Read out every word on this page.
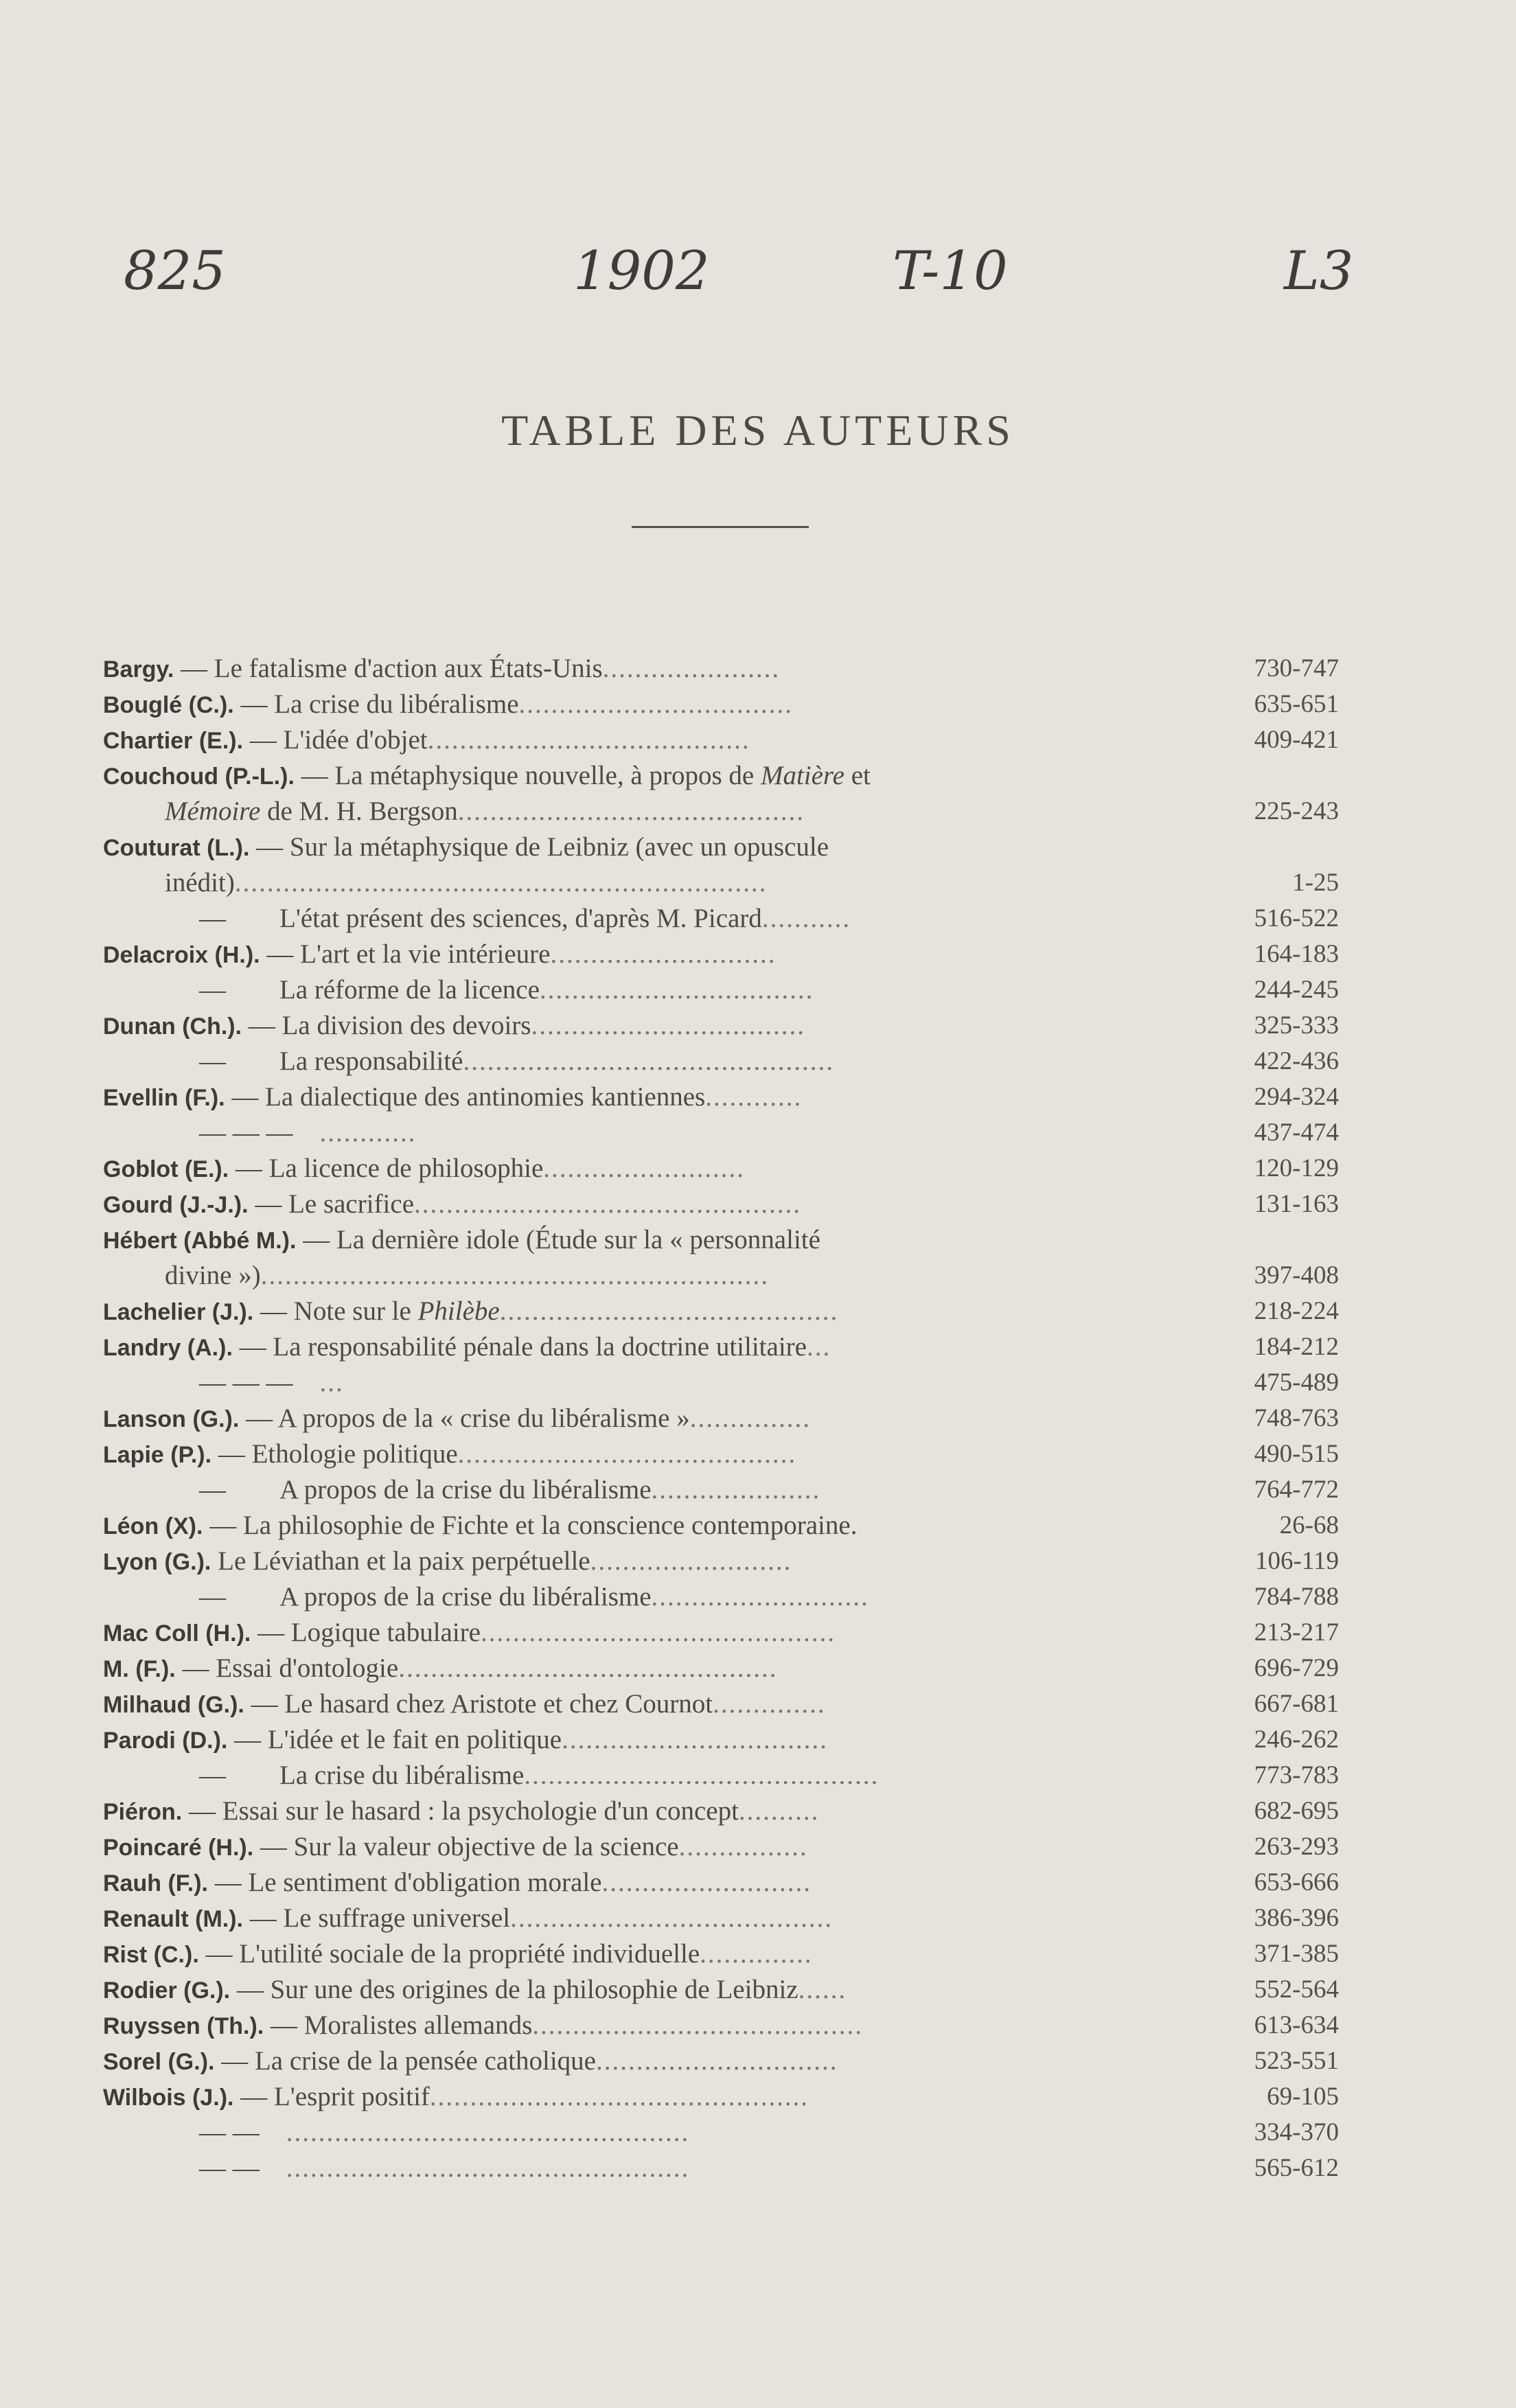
825	1902	T-10	L3
TABLE DES AUTEURS
Bargy. — Le fatalisme d'action aux États-Unis......................	730-747
Bouglé (C.). — La crise du libéralisme..................................	635-651
Chartier (E.). — L'idée d'objet........................................	409-421
Couchoud (P.-L.). — La métaphysique nouvelle, à propos de Matière et
Mémoire de M. H. Bergson...........................................	225-243
Couturat (L.). — Sur la métaphysique de Leibniz (avec un opuscule
inédit)..................................................................	1-25
—   L'état présent des sciences, d'après M. Picard...........	516-522
Delacroix (H.). — L'art et la vie intérieure............................	164-183
—   La réforme de la licence..................................	244-245
Dunan (Ch.). — La division des devoirs..................................	325-333
—   La responsabilité..............................................	422-436
Evellin (F.). — La dialectique des antinomies kantiennes............	294-324
— — —  ............	437-474
Goblot (E.). — La licence de philosophie.........................	120-129
Gourd (J.-J.). — Le sacrifice................................................	131-163
Hébert (Abbé M.). — La dernière idole (Étude sur la « personnalité
divine »)...............................................................	397-408
Lachelier (J.). — Note sur le Philèbe..........................................	218-224
Landry (A.). — La responsabilité pénale dans la doctrine utilitaire...	184-212
— — —  ...	475-489
Lanson (G.). — A propos de la « crise du libéralisme »...............	748-763
Lapie (P.). — Ethologie politique..........................................	490-515
—   A propos de la crise du libéralisme.....................	764-772
Léon (X). — La philosophie de Fichte et la conscience contemporaine.	26-68
Lyon (G.). Le Léviathan et la paix perpétuelle.........................	106-119
—   A propos de la crise du libéralisme...........................	784-788
Mac Coll (H.). — Logique tabulaire............................................	213-217
M. (F.). — Essai d'ontologie...............................................	696-729
Milhaud (G.). — Le hasard chez Aristote et chez Cournot..............	667-681
Parodi (D.). — L'idée et le fait en politique.................................	246-262
—   La crise du libéralisme............................................	773-783
Piéron. — Essai sur le hasard : la psychologie d'un concept..........	682-695
Poincaré (H.). — Sur la valeur objective de la science................	263-293
Rauh (F.). — Le sentiment d'obligation morale..........................	653-666
Renault (M.). — Le suffrage universel........................................	386-396
Rist (C.). — L'utilité sociale de la propriété individuelle..............	371-385
Rodier (G.). — Sur une des origines de la philosophie de Leibniz......	552-564
Ruyssen (Th.). — Moralistes allemands.........................................	613-634
Sorel (G.). — La crise de la pensée catholique..............................	523-551
Wilbois (J.). — L'esprit positif...............................................	69-105
— —  ..................................................	334-370
— —  ..................................................	565-612
